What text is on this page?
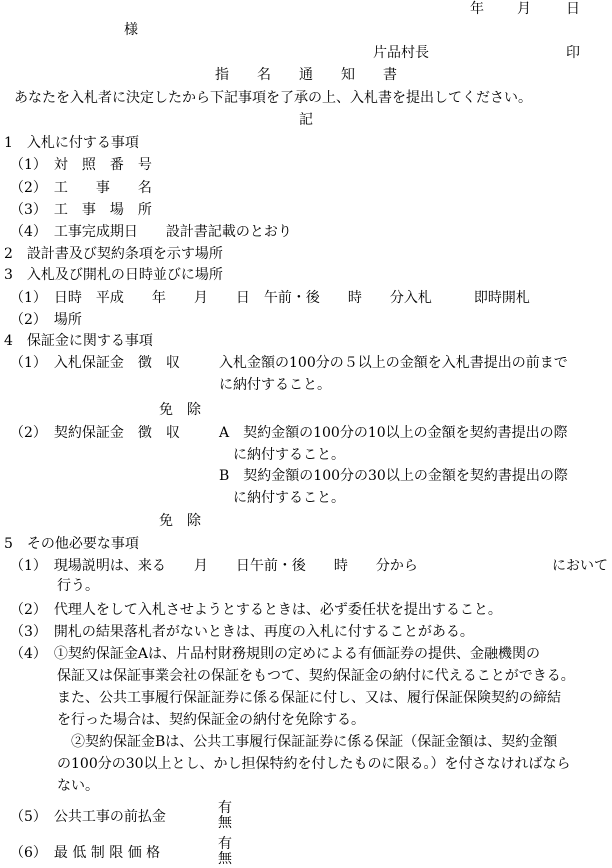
年 月	日
様
片品村長	印
指　　名　　通　　知　　書
あなたを入札者に決定したから下記事項を了承の上、入札書を提出してください。
記
1　入札に付する事項
（1）　対　照　番　号
（2）　工　　事　　名
（3）　工　事　場　所
（4）　工事完成期日　　設計書記載のとおり
2　設計書及び契約条項を示す場所
3　入札及び開札の日時並びに場所
（1）　日時　平成　　年　　月　　日　午前・後　　時　　分入札　　　即時開札
（2）　場所
4　保証金に関する事項
（1）　入札保証金　徴　収	入札金額の100分の５以上の金額を入札書提出の前まで
に納付すること。
免　除
（2）　契約保証金　徴　収	A　契約金額の100分の10以上の金額を契約書提出の際
に納付すること。
B　契約金額の100分の30以上の金額を契約書提出の際
に納付すること。
免　除
5　その他必要な事項
（1）　現場説明は、来る　　月　　日午前・後　　時　　分から	において
行う。
（2）　代理人をして入札させようとするときは、必ず委任状を提出すること。
（3）　開札の結果落札者がないときは、再度の入札に付することがある。
（4）　①契約保証金Aは、片品村財務規則の定めによる有価証券の提供、金融機関の
保証又は保証事業会社の保証をもつて、契約保証金の納付に代えることができる。
また、公共工事履行保証証券に係る保証に付し、又は、履行保証保険契約の締結
を行った場合は、契約保証金の納付を免除する。
②契約保証金Bは、公共工事履行保証証券に係る保証（保証金額は、契約金額
の100分の30以上とし、かし担保特約を付したものに限る。）を付さなければなら
ない。
（5）　公共工事の前払金
有
無
（6）　最 低 制 限 価 格
有
無
